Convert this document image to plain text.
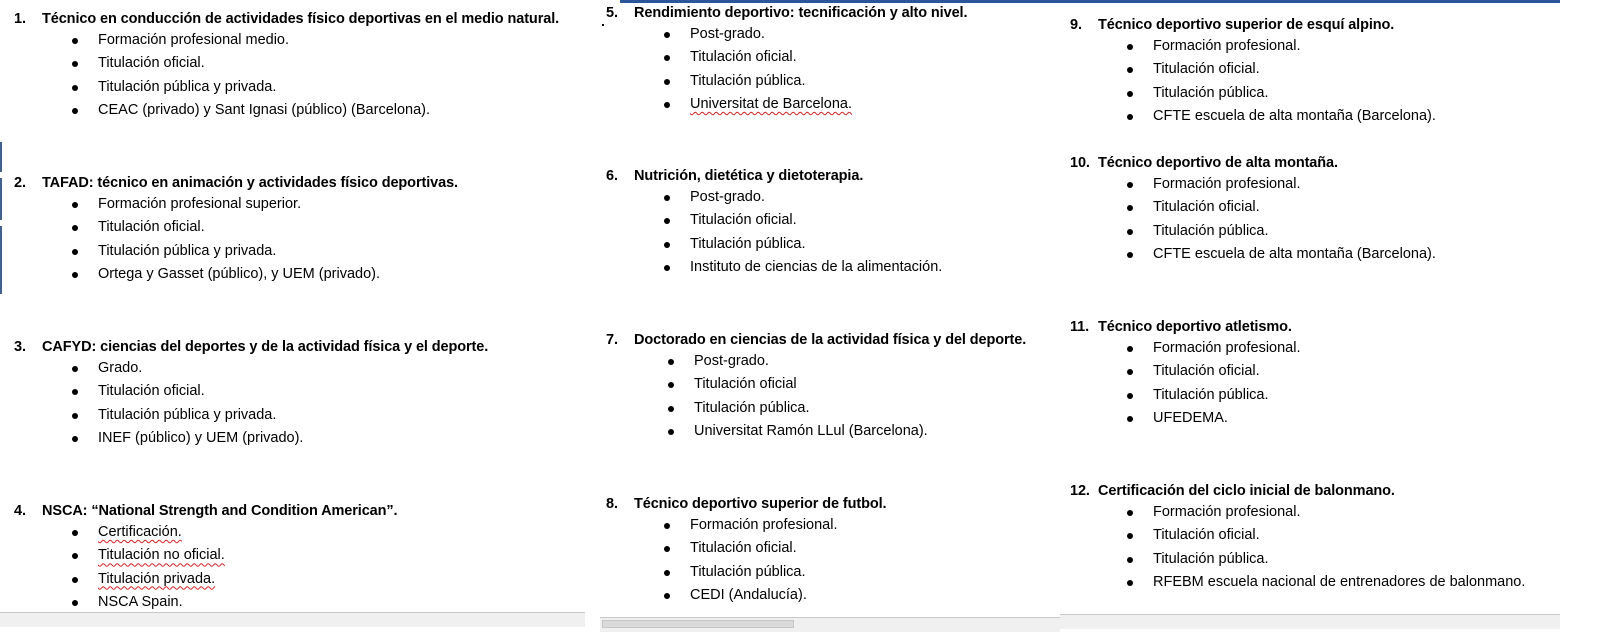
1. Técnico en conducción de actividades físico deportivas en el medio natural.
Formación profesional medio.
Titulación oficial.
Titulación pública y privada.
CEAC (privado) y Sant Ignasi (público) (Barcelona).
2. TAFAD: técnico en animación y actividades físico deportivas.
Formación profesional superior.
Titulación oficial.
Titulación pública y privada.
Ortega y Gasset (público), y UEM (privado).
3. CAFYD: ciencias del deportes y de la actividad física y el deporte.
Grado.
Titulación oficial.
Titulación pública y privada.
INEF (público) y UEM (privado).
4. NSCA: “National Strength and Condition American”.
Certificación.
Titulación no oficial.
Titulación privada.
NSCA Spain.
5. Rendimiento deportivo: tecnificación y alto nivel.
Post-grado.
Titulación oficial.
Titulación pública.
Universitat de Barcelona.
6. Nutrición, dietética y dietoterapia.
Post-grado.
Titulación oficial.
Titulación pública.
Instituto de ciencias de la alimentación.
7. Doctorado en ciencias de la actividad física y del deporte.
Post-grado.
Titulación oficial
Titulación pública.
Universitat Ramón LLul (Barcelona).
8. Técnico deportivo superior de futbol.
Formación profesional.
Titulación oficial.
Titulación pública.
CEDI (Andalucía).
9. Técnico deportivo superior de esquí alpino.
Formación profesional.
Titulación oficial.
Titulación pública.
CFTE escuela de alta montaña (Barcelona).
10. Técnico deportivo de alta montaña.
Formación profesional.
Titulación oficial.
Titulación pública.
CFTE escuela de alta montaña (Barcelona).
11. Técnico deportivo atletismo.
Formación profesional.
Titulación oficial.
Titulación pública.
UFEDEMA.
12. Certificación del ciclo inicial de balonmano.
Formación profesional.
Titulación oficial.
Titulación pública.
RFEBM escuela nacional de entrenadores de balonmano.
